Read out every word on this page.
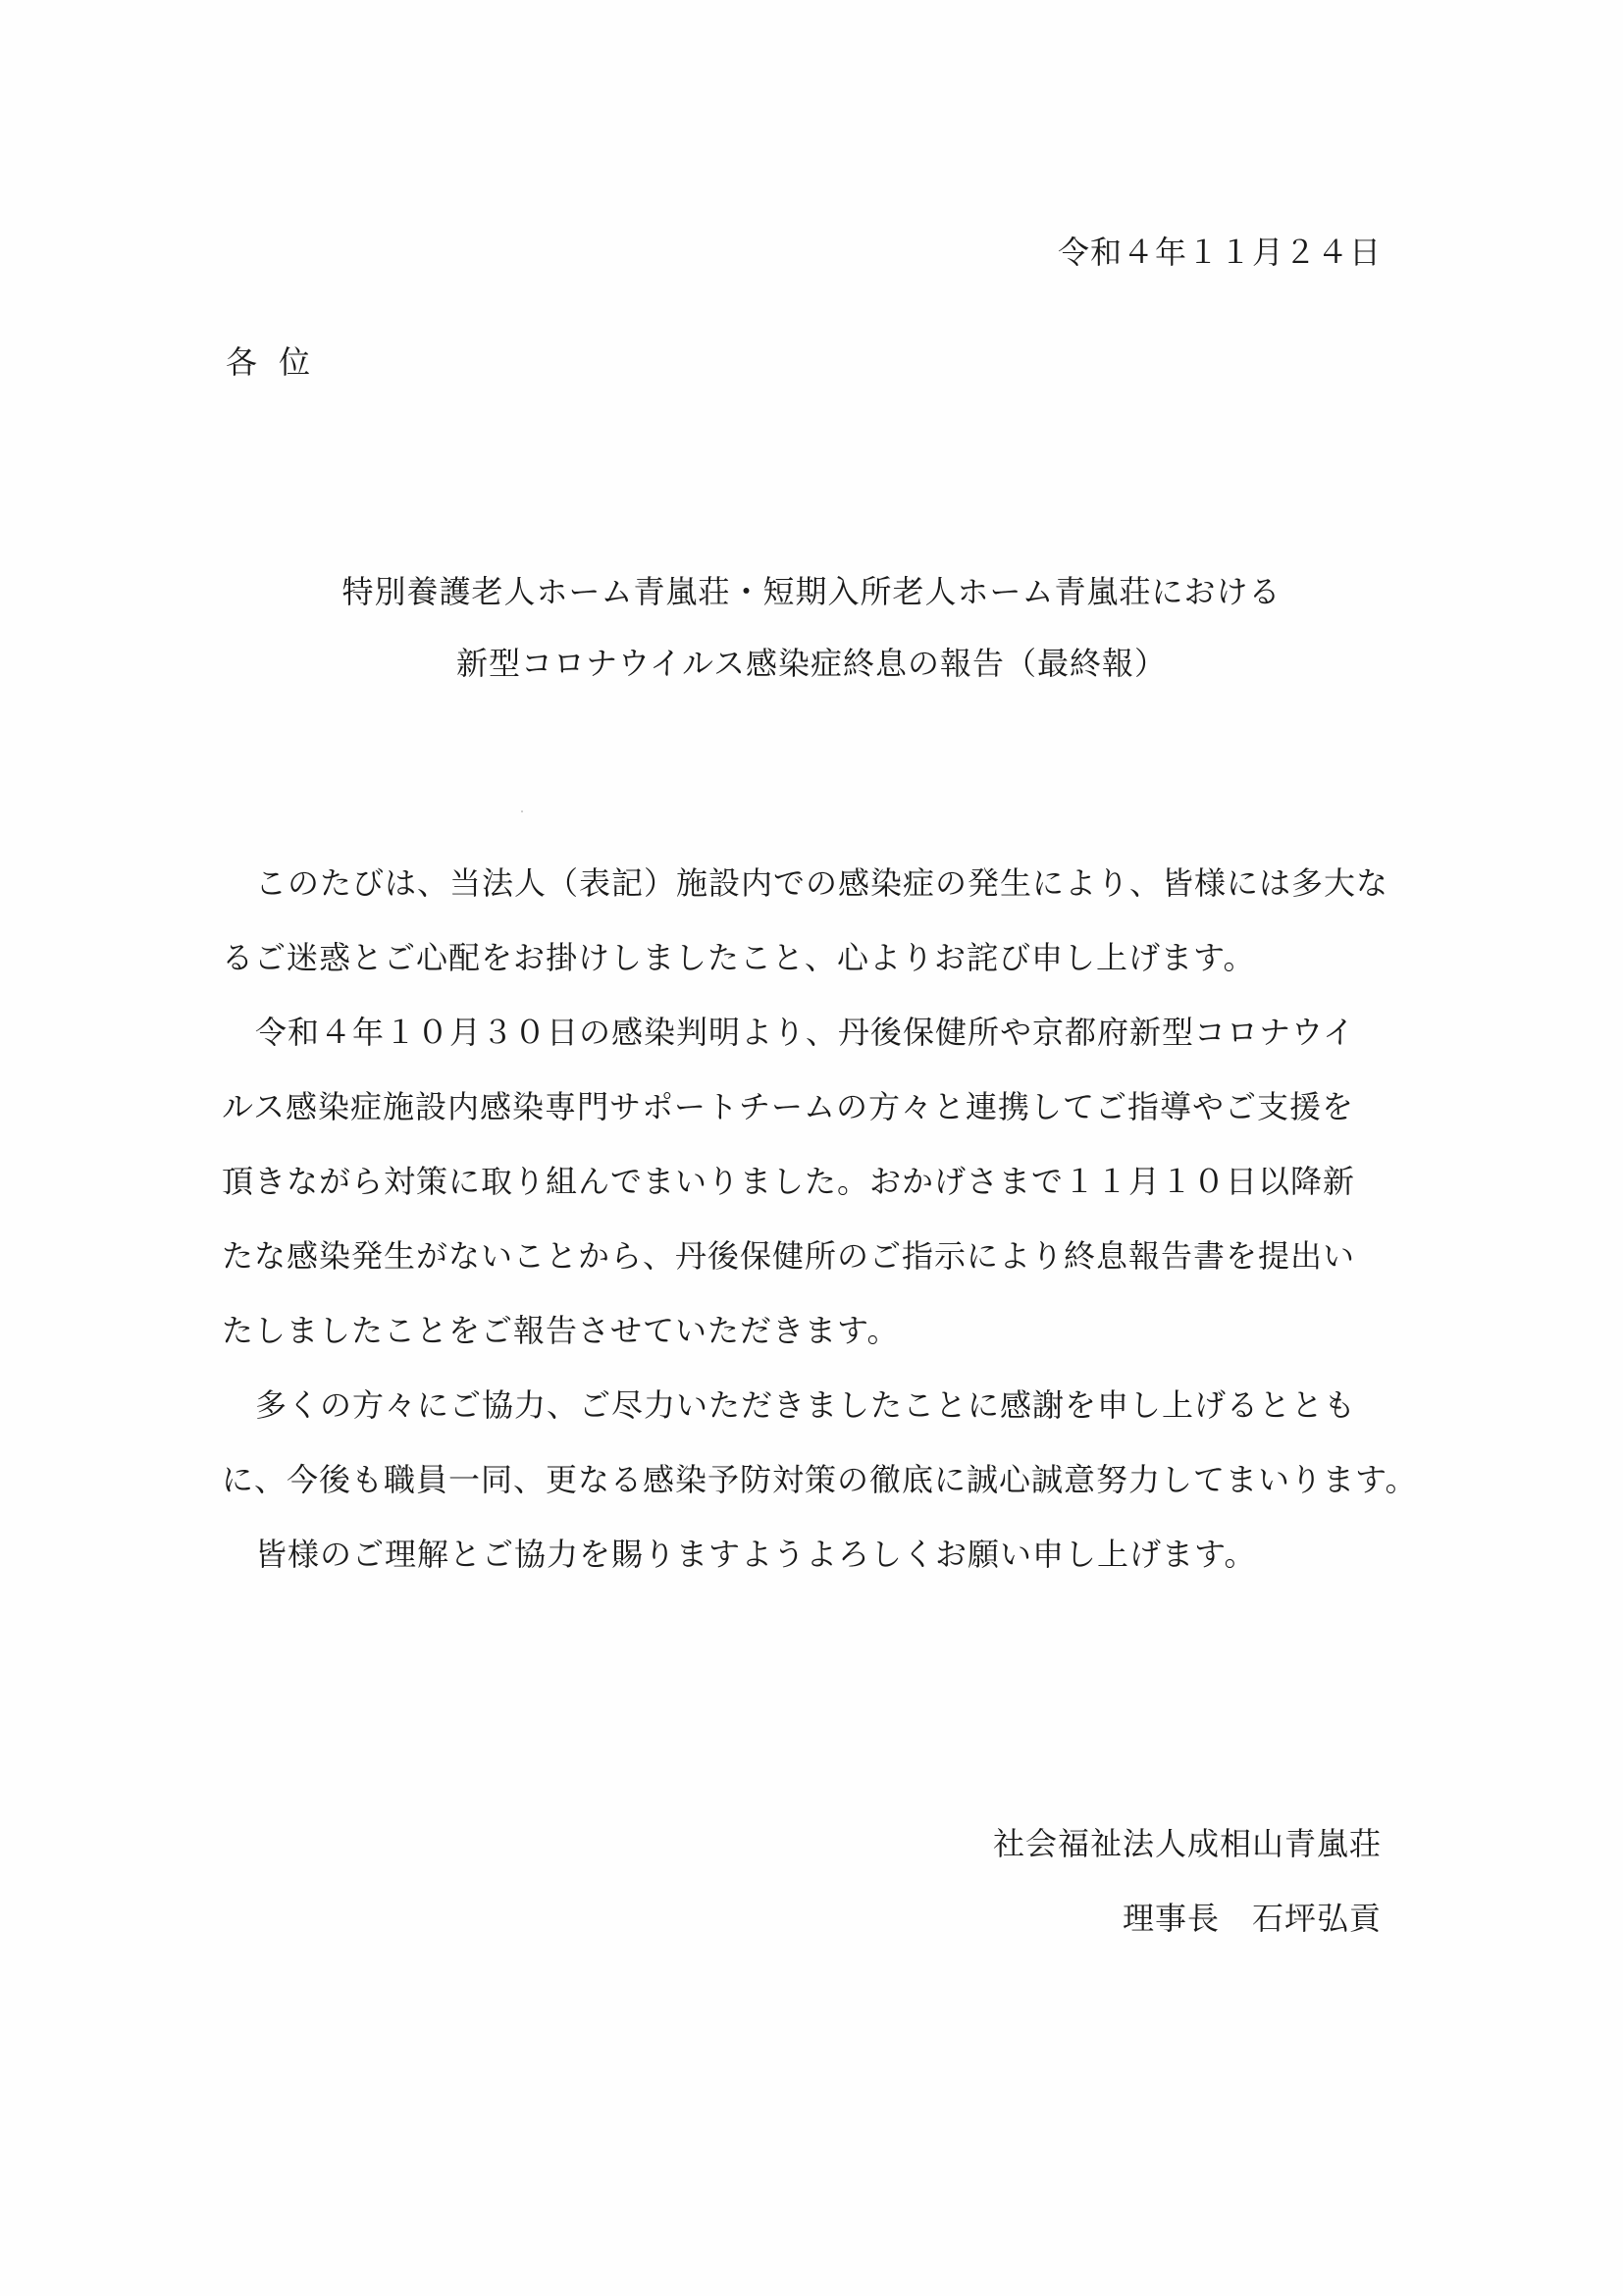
令和４年１１月２４日
各位
特別養護老人ホーム青嵐荘・短期入所老人ホーム青嵐荘における
新型コロナウイルス感染症終息の報告（最終報）
このたびは、当法人（表記）施設内での感染症の発生により、皆様には多大な
るご迷惑とご心配をお掛けしましたこと、心よりお詫び申し上げます。
令和４年１０月３０日の感染判明より、丹後保健所や京都府新型コロナウイ
ルス感染症施設内感染専門サポートチームの方々と連携してご指導やご支援を
頂きながら対策に取り組んでまいりました。おかげさまで１１月１０日以降新
たな感染発生がないことから、丹後保健所のご指示により終息報告書を提出い
たしましたことをご報告させていただきます。
多くの方々にご協力、ご尽力いただきましたことに感謝を申し上げるととも
に、今後も職員一同、更なる感染予防対策の徹底に誠心誠意努力してまいります。
皆様のご理解とご協力を賜りますようよろしくお願い申し上げます。
社会福祉法人成相山青嵐荘
理事長　石坪弘貢
